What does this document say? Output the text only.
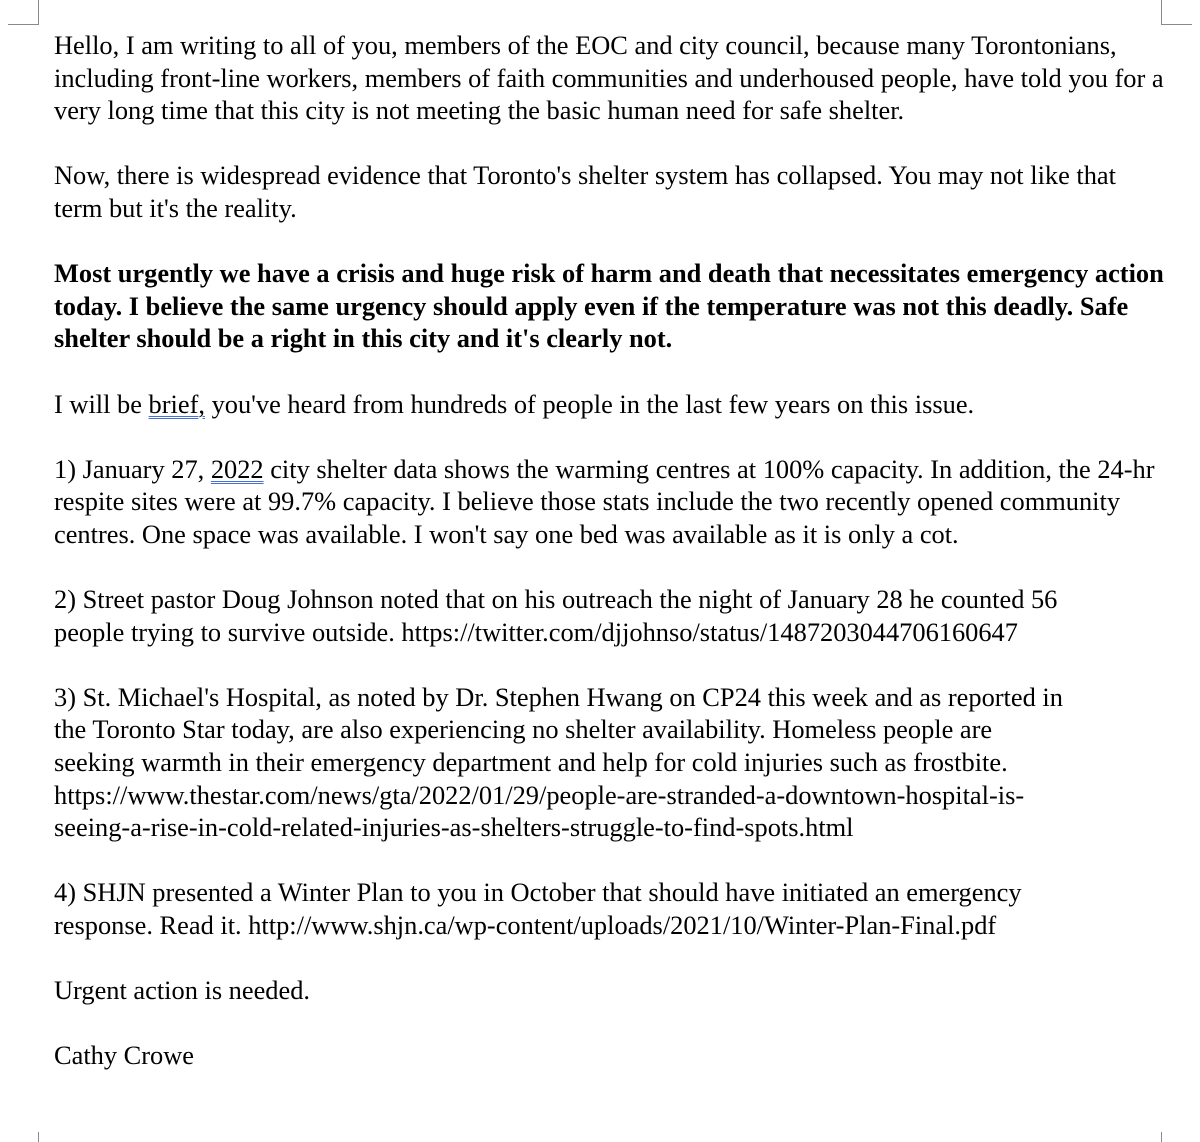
Hello, I am writing to all of you, members of the EOC and city council, because many Torontonians, including front-line workers, members of faith communities and underhoused people, have told you for a very long time that this city is not meeting the basic human need for safe shelter.

Now, there is widespread evidence that Toronto's shelter system has collapsed. You may not like that term but it's the reality.

Most urgently we have a crisis and huge risk of harm and death that necessitates emergency action today. I believe the same urgency should apply even if the temperature was not this deadly. Safe shelter should be a right in this city and it's clearly not.

I will be brief, you've heard from hundreds of people in the last few years on this issue.

1) January 27, 2022 city shelter data shows the warming centres at 100% capacity. In addition, the 24-hr respite sites were at 99.7% capacity. I believe those stats include the two recently opened community centres. One space was available. I won't say one bed was available as it is only a cot.

2) Street pastor Doug Johnson noted that on his outreach the night of January 28 he counted 56
people trying to survive outside. https://twitter.com/djjohnso/status/1487203044706160647

3) St. Michael's Hospital, as noted by Dr. Stephen Hwang on CP24 this week and as reported in
the Toronto Star today, are also experiencing no shelter availability. Homeless people are
seeking warmth in their emergency department and help for cold injuries such as frostbite.
https://www.thestar.com/news/gta/2022/01/29/people-are-stranded-a-downtown-hospital-is-
seeing-a-rise-in-cold-related-injuries-as-shelters-struggle-to-find-spots.html

4) SHJN presented a Winter Plan to you in October that should have initiated an emergency
response. Read it. http://www.shjn.ca/wp-content/uploads/2021/10/Winter-Plan-Final.pdf

Urgent action is needed.

Cathy Crowe
